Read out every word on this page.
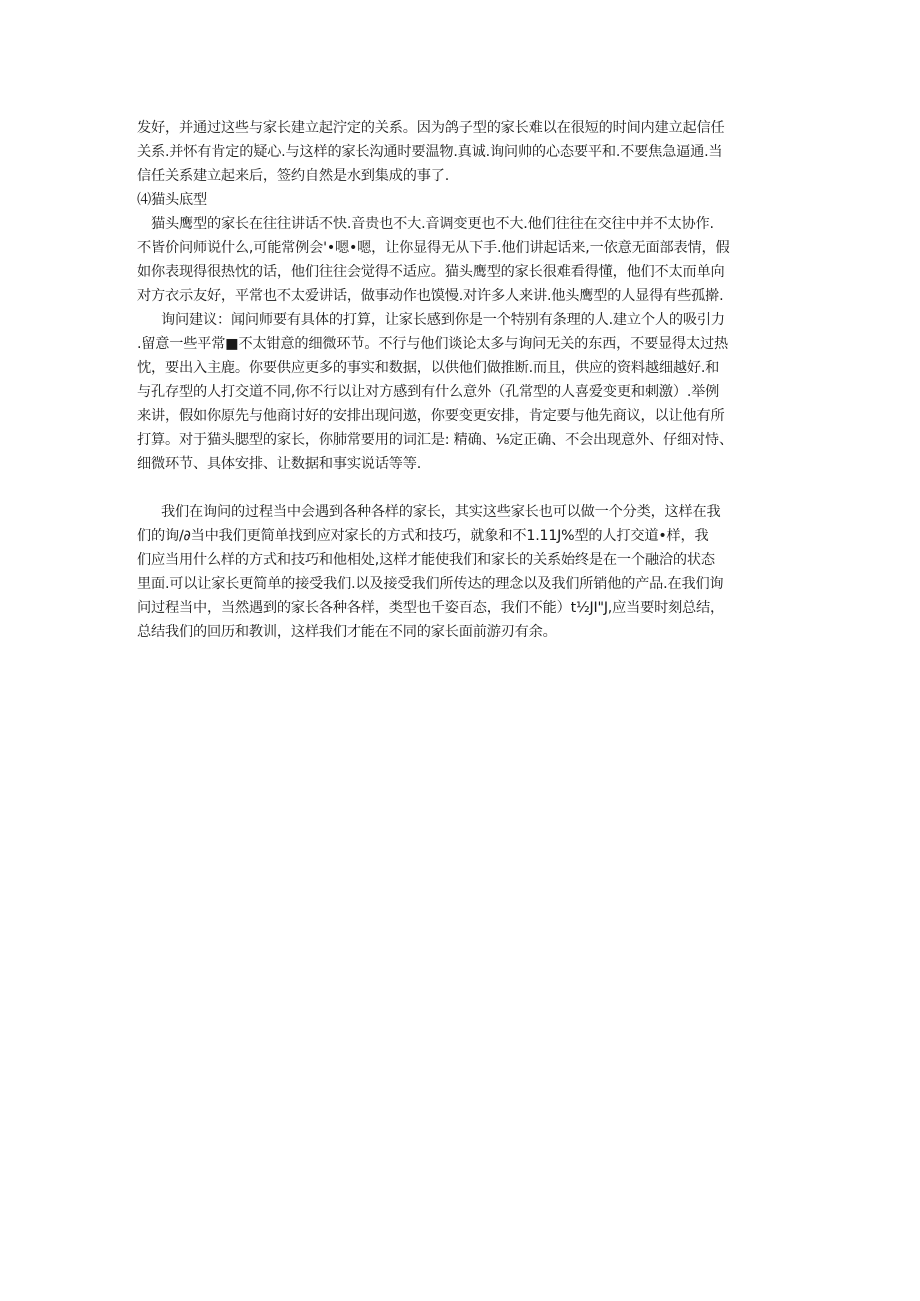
发好，并通过这些与家长建立起泞定的关系。因为鸽子型的家长难以在很短的时间内建立起信任
关系.并怀有肯定的疑心.与这样的家长沟通时要温物.真诚.询问帅的心态要平和.不要焦急逼通.当
信任关系建立起来后，签约自然是水到集成的事了.
⑷猫头底型
猫头鹰型的家长在往往讲话不快.音贵也不大.音调变更也不大.他们往往在交往中并不太协作.
不皆价问师说什么,可能常例会'•嗯•嗯，让你显得无从下手.他们讲起话来,一依意无面部表情，假
如你表现得很热忱的话，他们往往会觉得不适应。猫头鹰型的家长很难看得懂，他们不太而单向
对方衣示友好，平常也不太爱讲话，做事动作也馍慢.对许多人来讲.他头鹰型的人显得有些孤擀.
询问建议：闻问师要有具体的打算，让家长感到你是一个特别有条理的人.建立个人的吸引力
.留意一些平常■不太钳意的细微环节。不行与他们谈论太多与询问无关的东西，不要显得太过热
忱，要出入主鹿。你要供应更多的事实和数据，以供他们做推断.而且，供应的资料越细越好.和
与孔存型的人打交道不同,你不行以让对方感到有什么意外（孔常型的人喜爱变更和刺激）.举例
来讲，假如你原先与他商讨好的安排出现问遨，你要变更安排，肯定要与他先商议，以让他有所
打算。对于猫头腮型的家长，你肺常要用的词汇是: 精确、⅛定正确、不会出现意外、仔细对恃、
细微环节、具体安排、让数据和事实说话等等.
我们在询问的过程当中会遇到各种各样的家长，其实这些家长也可以做一个分类，这样在我
们的询∕∂当中我们更简单找到应对家长的方式和技巧，就象和不1.11J%型的人打交道•样，我
们应当用什么样的方式和技巧和他相处,这样才能使我们和家长的关系始终是在一个融洽的状态
里面.可以让家长更简单的接受我们.以及接受我们所传达的理念以及我们所销他的产品.在我们询
问过程当中，当然遇到的家长各种各样，类型也千姿百态，我们不能）t½JI"J,应当要时刻总结，
总结我们的回历和教训，这样我们才能在不同的家长面前游刃有余。
